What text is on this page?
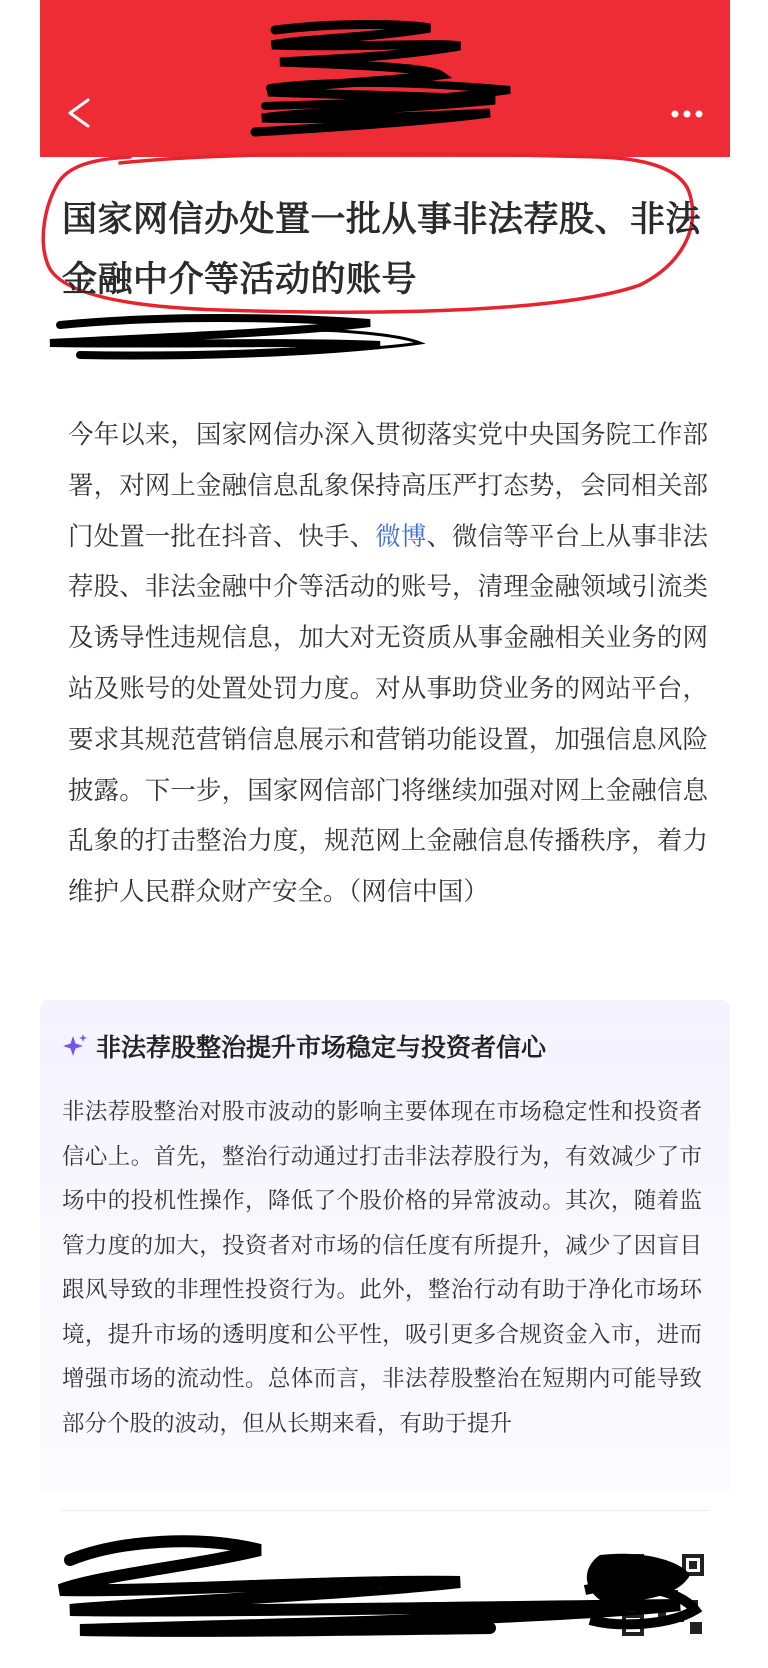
国家网信办处置一批从事非法荐股、非法金融中介等活动的账号
今年以来，国家网信办深入贯彻落实党中央国务院工作部署，对网上金融信息乱象保持高压严打态势，会同相关部门处置一批在抖音、快手、微博、微信等平台上从事非法荐股、非法金融中介等活动的账号，清理金融领域引流类及诱导性违规信息，加大对无资质从事金融相关业务的网站及账号的处置处罚力度。对从事助贷业务的网站平台，要求其规范营销信息展示和营销功能设置，加强信息风险披露。下一步，国家网信部门将继续加强对网上金融信息乱象的打击整治力度，规范网上金融信息传播秩序，着力维护人民群众财产安全。（网信中国）
非法荐股整治提升市场稳定与投资者信心
非法荐股整治对股市波动的影响主要体现在市场稳定性和投资者信心上。首先，整治行动通过打击非法荐股行为，有效减少了市场中的投机性操作，降低了个股价格的异常波动。其次，随着监管力度的加大，投资者对市场的信任度有所提升，减少了因盲目跟风导致的非理性投资行为。此外，整治行动有助于净化市场环境，提升市场的透明度和公平性，吸引更多合规资金入市，进而增强市场的流动性。总体而言，非法荐股整治在短期内可能导致部分个股的波动，但从长期来看，有助于提升
